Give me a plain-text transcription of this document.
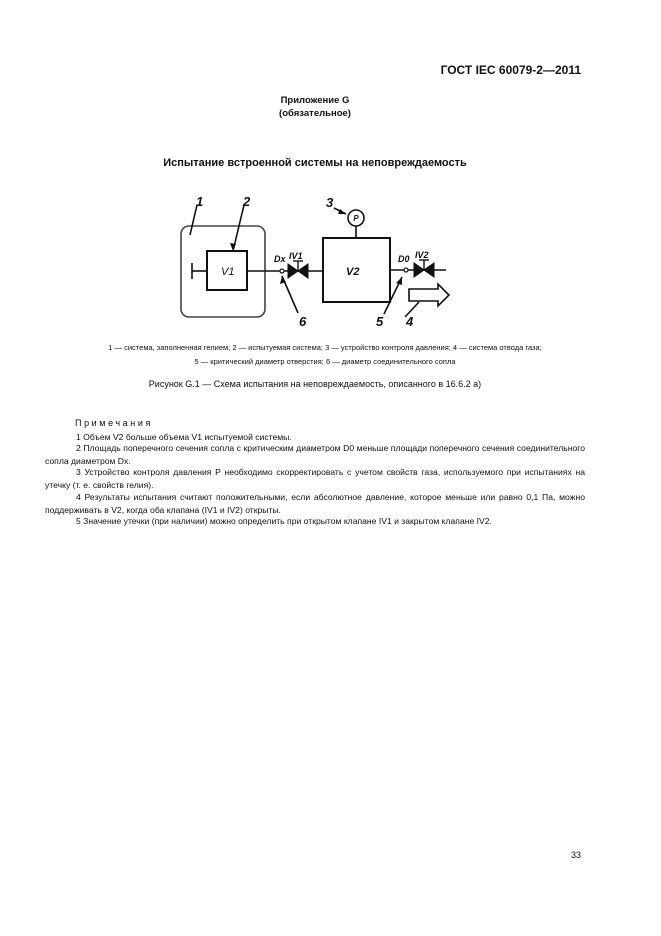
ГОСТ IEC 60079-2—2011
Приложение G
(обязательное)
Испытание встроенной системы на неповреждаемость
P
1	2	3
4
5
6
V1	V2
IV1	IV2
Dx	D0
1 — система, заполненная гелием; 2 — испытуемая система; 3 — устройство контроля давления; 4 — система отвода газа;
5 — критический диаметр отверстия; 6 — диаметр соединительного сопла
Рисунок G.1 — Схема испытания на неповреждаемость, описанного в 16.6.2 а)
Примечания
1 Объем V2 больше объема V1 испытуемой системы.
2 Площадь поперечного сечения сопла с критическим диаметром D0 меньше площади поперечного сечения соединительного сопла диаметром Dx.
3 Устройство контроля давления P необходимо скорректировать с учетом свойств газа, используемого при испытаниях на утечку (т. е. свойств гелия).
4 Результаты испытания считают положительными, если абсолютное давление, которое меньше или равно 0,1 Па, можно поддерживать в V2, когда оба клапана (IV1 и IV2) открыты.
5 Значение утечки (при наличии) можно определить при открытом клапане IV1 и закрытом клапане IV2.
33
